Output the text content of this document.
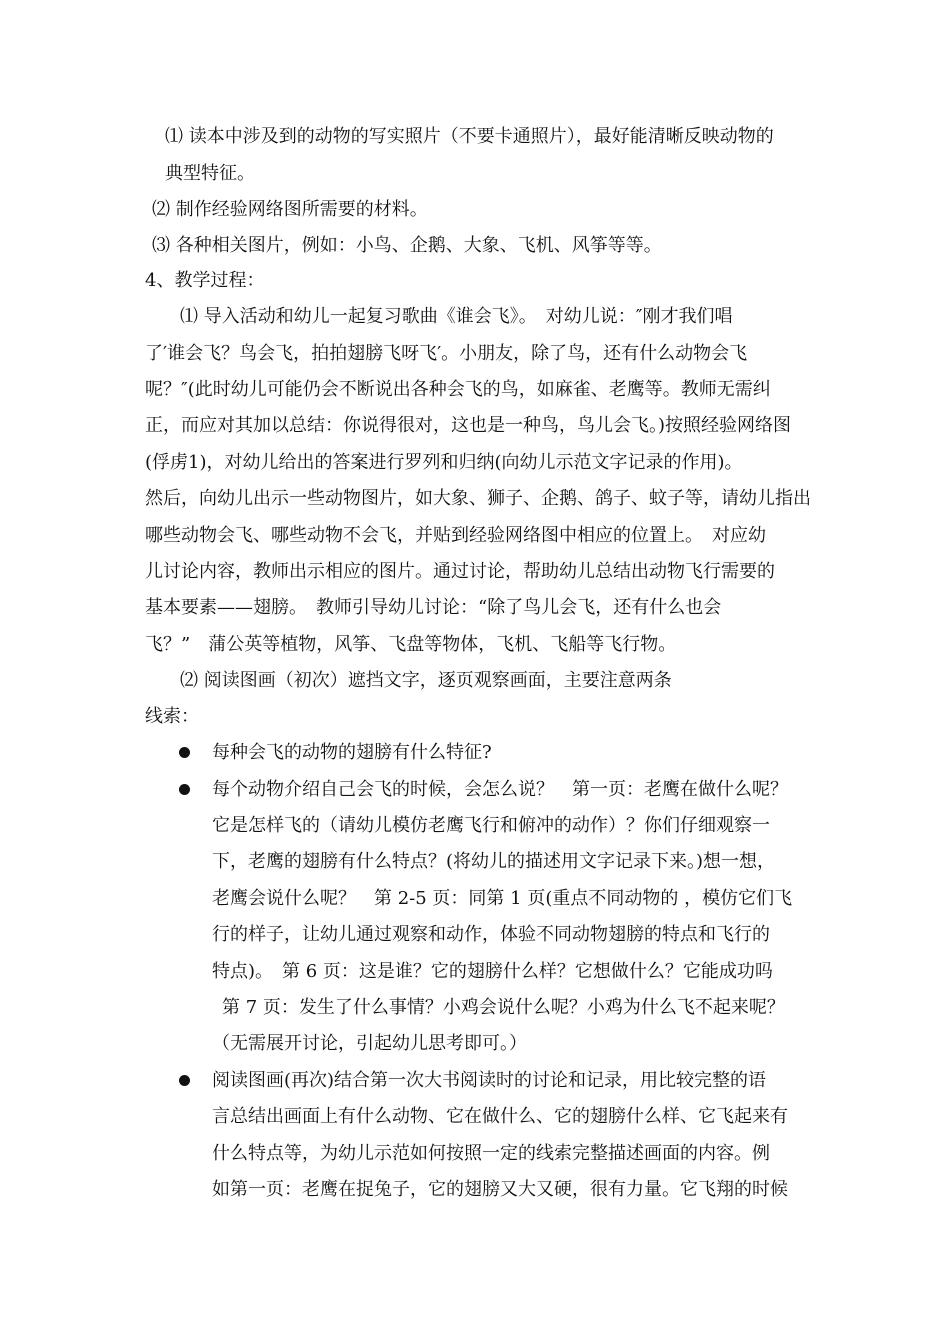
⑴ 读本中涉及到的动物的写实照片（不要卡通照片），最好能清晰反映动物的
典型特征。
⑵ 制作经验网络图所需要的材料。
⑶ 各种相关图片，例如：小鸟、企鹅、大象、飞机、风筝等等。
4、教学过程：
⑴ 导入活动和幼儿一起复习歌曲《谁会飞》。　对幼儿说：″刚才我们唱
了′谁会飞？鸟会飞，拍拍翅膀飞呀飞′。小朋友，除了鸟，还有什么动物会飞
呢？″(此时幼儿可能仍会不断说出各种会飞的鸟，如麻雀、老鹰等。教师无需纠
正，而应对其加以总结：你说得很对，这也是一种鸟，鸟儿会飞。)按照经验网络图
(俘虏1)，对幼儿给出的答案进行罗列和归纳(向幼儿示范文字记录的作用)。
然后，向幼儿出示一些动物图片，如大象、狮子、企鹅、鸽子、蚊子等，请幼儿指出
哪些动物会飞、哪些动物不会飞，并贴到经验网络图中相应的位置上。　对应幼
儿讨论内容，教师出示相应的图片。通过讨论，帮助幼儿总结出动物飞行需要的
基本要素——翅膀。　教师引导幼儿讨论：“除了鸟儿会飞，还有什么也会
飞？”　蒲公英等植物，风筝、飞盘等物体，飞机、飞船等飞行物。
⑵ 阅读图画（初次）遮挡文字，逐页观察画面，主要注意两条
线索：
每种会飞的动物的翅膀有什么特征?
每个动物介绍自己会飞的时候，会怎么说？　第一页：老鹰在做什么呢？
它是怎样飞的（请幼儿模仿老鹰飞行和俯冲的动作）？你们仔细观察一
下，老鹰的翅膀有什么特点？(将幼儿的描述用文字记录下来。)想一想，
老鹰会说什么呢？　第 2-5 页：同第 1 页(重点不同动物的 ，模仿它们飞
行的样子，让幼儿通过观察和动作，体验不同动物翅膀的特点和飞行的
特点)。　第 6 页：这是谁？它的翅膀什么样？它想做什么？它能成功吗
第 7 页：发生了什么事情？小鸡会说什么呢？小鸡为什么飞不起来呢？
（无需展开讨论，引起幼儿思考即可。）
阅读图画(再次)结合第一次大书阅读时的讨论和记录，用比较完整的语
言总结出画面上有什么动物、它在做什么、它的翅膀什么样、它飞起来有
什么特点等，为幼儿示范如何按照一定的线索完整描述画面的内容。例
如第一页：老鹰在捉兔子，它的翅膀又大又硬，很有力量。它飞翔的时候
